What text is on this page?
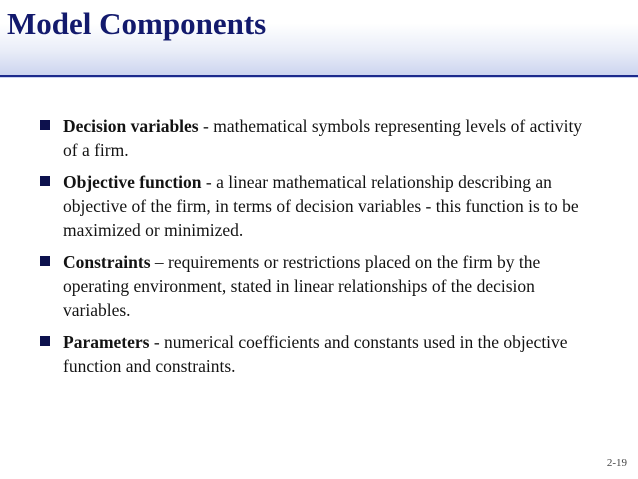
Model Components
Decision variables - mathematical symbols representing levels of activity of a firm.
Objective function - a linear mathematical relationship describing an objective of the firm, in terms of decision variables - this function is to be maximized or minimized.
Constraints – requirements or restrictions placed on the firm by the operating environment, stated in linear relationships of the decision variables.
Parameters - numerical coefficients and constants used in the objective function and constraints.
2-19
